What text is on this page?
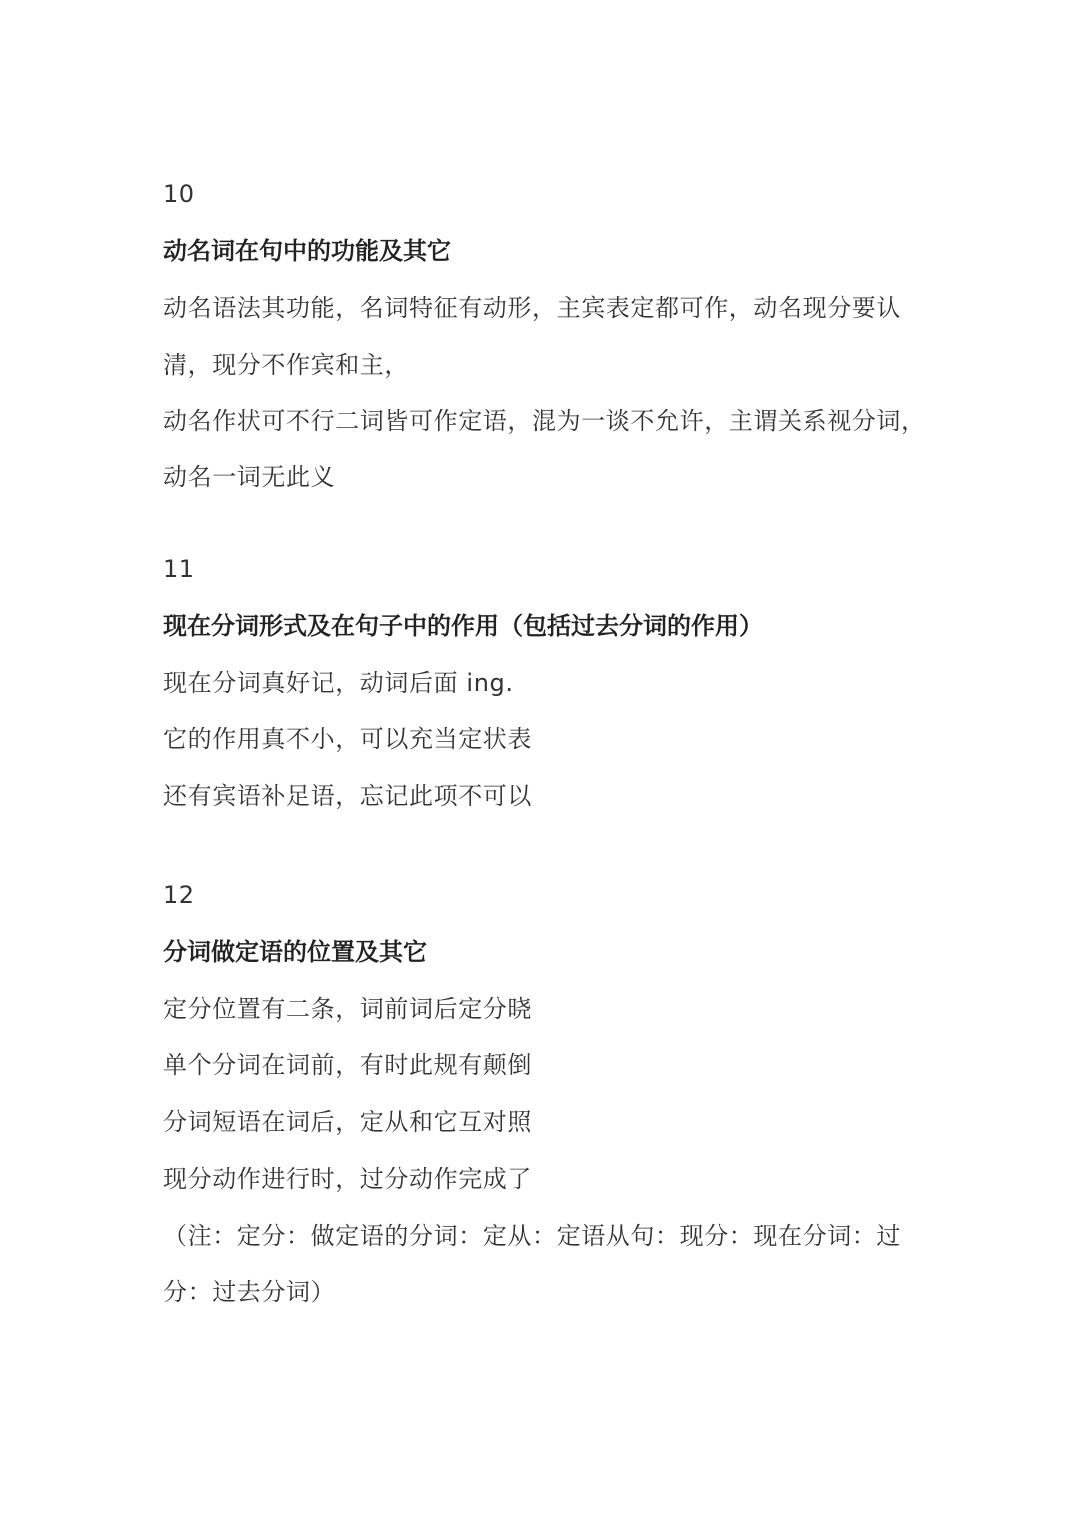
10
动名词在句中的功能及其它
动名语法其功能，名词特征有动形，主宾表定都可作，动名现分要认
清，现分不作宾和主，
动名作状可不行二词皆可作定语，混为一谈不允许，主谓关系视分词，
动名一词无此义
11
现在分词形式及在句子中的作用（包括过去分词的作用）
现在分词真好记，动词后面 ing.
它的作用真不小，可以充当定状表
还有宾语补足语，忘记此项不可以
12
分词做定语的位置及其它
定分位置有二条，词前词后定分晓
单个分词在词前，有时此规有颠倒
分词短语在词后，定从和它互对照
现分动作进行时，过分动作完成了
（注：定分：做定语的分词：定从：定语从句：现分：现在分词：过
分：过去分词）
